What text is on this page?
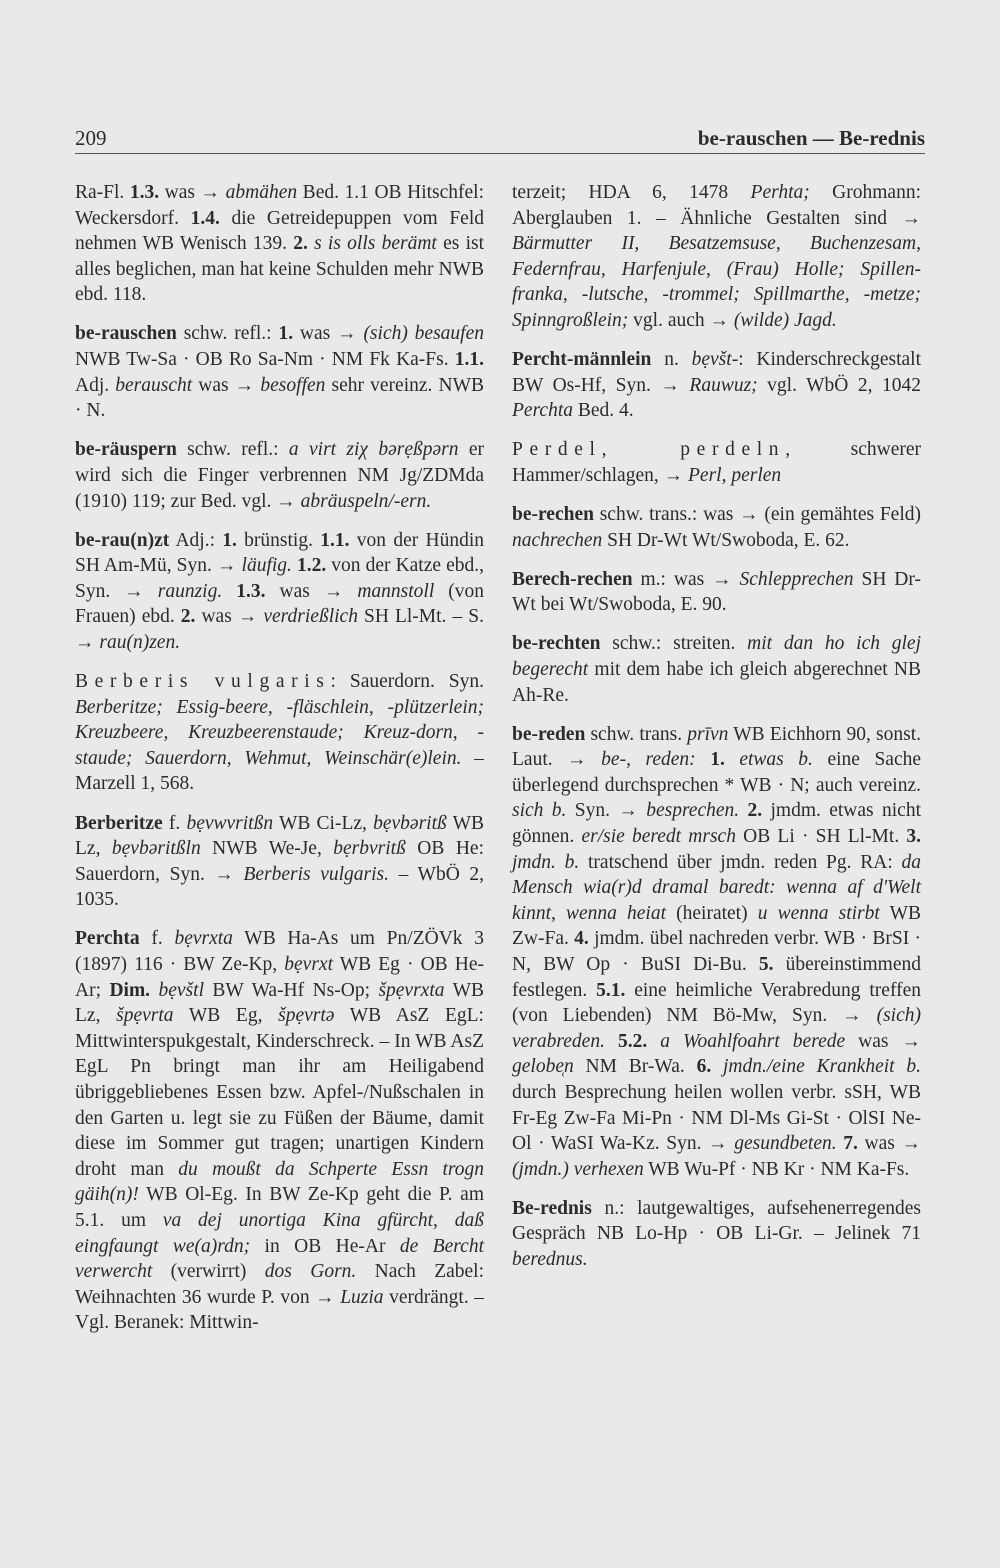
209	be-rauschen — Be-rednis

Ra-Fl. 1.3. was → abmähen Bed. 1.1 OB Hitschfel: Weckersdorf. 1.4. die Getreidepuppen vom Feld nehmen WB Wenisch 139. 2. s is olls berämt es ist alles beglichen, man hat keine Schulden mehr NWB ebd. 118.

be-rauschen schw. refl.: 1. was → (sich) besaufen NWB Tw-Sa · OB Ro Sa-Nm · NM Fk Ka-Fs. 1.1. Adj. berauscht was → besoffen sehr vereinz. NWB · N.

be-räuspern schw. refl.: a virt ziχ bərẹßpərn er wird sich die Finger verbrennen NM Jg/ZDMda (1910) 119; zur Bed. vgl. → abräuspeln/-ern.

be-rau(n)zt Adj.: 1. brünstig. 1.1. von der Hündin SH Am-Mü, Syn. → läufig. 1.2. von der Katze ebd., Syn. → raunzig. 1.3. was → mannstoll (von Frauen) ebd. 2. was → verdrießlich SH Ll-Mt. – S. → rau(n)zen.

Berberis vulgaris: Sauerdorn. Syn. Berberitze; Essig-beere, -fläschlein, -plützerlein; Kreuzbeere, Kreuzbeerenstaude; Kreuz-dorn, -staude; Sauerdorn, Wehmut, Weinschär(e)lein. – Marzell 1, 568.

Berberitze f. bẹvwvritßn WB Ci-Lz, bẹvbəritß WB Lz, bẹvbəritßln NWB We-Je, bẹrbvritß OB He: Sauerdorn, Syn. → Berberis vulgaris. – WbÖ 2, 1035.

Perchta f. bẹvrxta WB Ha-As um Pn/ZÖVk 3 (1897) 116 · BW Ze-Kp, bẹvrxt WB Eg · OB He-Ar; Dim. bẹvštl BW Wa-Hf Ns-Op; špẹvrxta WB Lz, špẹvrta WB Eg, špẹvrtə WB AsZ EgL: Mittwinterspukgestalt, Kinderschreck. – In WB AsZ EgL Pn bringt man ihr am Heiligabend übriggebliebenes Essen bzw. Apfel-/Nußschalen in den Garten u. legt sie zu Füßen der Bäume, damit diese im Sommer gut tragen; unartigen Kindern droht man du moußt da Schperte Essn trogn gäih(n)! WB Ol-Eg. In BW Ze-Kp geht die P. am 5.1. um va dej unortiga Kina gfürcht, daß eingfaungt we(a)rdn; in OB He-Ar de Bercht verwercht (verwirrt) dos Gorn. Nach Zabel: Weihnachten 36 wurde P. von → Luzia verdrängt. – Vgl. Beranek: Mittwin-

terzeit; HDA 6, 1478 Perhta; Grohmann: Aberglauben 1. – Ähnliche Gestalten sind → Bärmutter II, Besatzemsuse, Buchenzesam, Federnfrau, Harfenjule, (Frau) Holle; Spillen-franka, -lutsche, -trommel; Spillmarthe, -metze; Spinngroßlein; vgl. auch → (wilde) Jagd.

Percht-männlein n. bẹvšt-: Kinderschreckgestalt BW Os-Hf, Syn. → Rauwuz; vgl. WbÖ 2, 1042 Perchta Bed. 4.

Perdel, perdeln, schwerer Hammer/schlagen, → Perl, perlen

be-rechen schw. trans.: was → (ein gemähtes Feld) nachrechen SH Dr-Wt Wt/Swoboda, E. 62.

Berech-rechen m.: was → Schlepprechen SH Dr-Wt bei Wt/Swoboda, E. 90.

be-rechten schw.: streiten. mit dan ho ich glej begerecht mit dem habe ich gleich abgerechnet NB Ah-Re.

be-reden schw. trans. prīvn WB Eichhorn 90, sonst. Laut. → be-, reden: 1. etwas b. eine Sache überlegend durchsprechen * WB · N; auch vereinz. sich b. Syn. → besprechen. 2. jmdm. etwas nicht gönnen. er/sie beredt mrsch OB Li · SH Ll-Mt. 3. jmdn. b. tratschend über jmdn. reden Pg. RA: da Mensch wia(r)d dramal baredt: wenna af d'Welt kinnt, wenna heiat (heiratet) u wenna stirbt WB Zw-Fa. 4. jmdm. übel nachreden verbr. WB · BrSI · N, BW Op · BuSI Di-Bu. 5. übereinstimmend festlegen. 5.1. eine heimliche Verabredung treffen (von Liebenden) NM Bö-Mw, Syn. → (sich) verabreden. 5.2. a Woahlfoahrt berede was → gelobe̜n NM Br-Wa. 6. jmdn./eine Krankheit b. durch Besprechung heilen wollen verbr. sSH, WB Fr-Eg Zw-Fa Mi-Pn · NM Dl-Ms Gi-St · OlSI Ne-Ol · WaSI Wa-Kz. Syn. → gesundbeten. 7. was → (jmdn.) verhexen WB Wu-Pf · NB Kr · NM Ka-Fs.

Be-rednis n.: lautgewaltiges, aufsehenerregendes Gespräch NB Lo-Hp · OB Li-Gr. – Jelinek 71 berednus.
